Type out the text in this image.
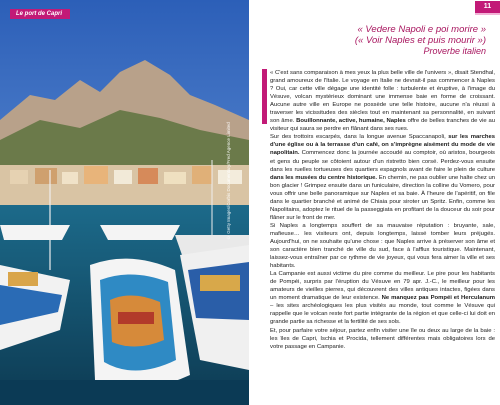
Le port de Capri
© Getty Images/Corbis Documentary/Fred Agence Limited
11
« Vedere Napoli e poi morire »
(« Voir Naples et puis mourir »)
Proverbe italien

« C'est sans comparaison à mes yeux la plus belle ville de l'univers », disait Stendhal, grand amoureux de l'Italie. Le voyage en Italie ne devrait-il pas commencer à Naples ? Oui, car cette ville dégage une identité folle : turbulente et éruptive, à l'image du Vésuve, volcan mystérieux dominant une immense baie en forme de croissant. Aucune autre ville en Europe ne possède une telle histoire, aucune n'a réussi à traverser les vicissitudes des siècles tout en maintenant sa personnalité, en suivant son âme. Bouillonnante, active, humaine, Naples offre de belles tranches de vie au visiteur qui saura se perdre en flânant dans ses rues.

Sur des trottoirs escarpés, dans la longue avenue Spaccanapoli, sur les marches d'une église ou à la terrasse d'un café, on s'imprègne aisément du mode de vie napolitain. Commencez donc la journée accoudé au comptoir, où aristos, bourgeois et gens du peuple se côtoient autour d'un ristretto bien corsé. Perdez-vous ensuite dans les ruelles tortueuses des quartiers espagnols avant de faire le plein de culture dans les musées du centre historique. En chemin, ne pas oublier une halte chez un bon glacier ! Grimpez ensuite dans un funiculaire, direction la colline du Vomero, pour vous offrir une belle panoramique sur Naples et sa baie. À l'heure de l'apéritif, on file dans le quartier branché et animé de Chiaia pour siroter un Spritz. Enfin, comme les Napolitains, adoptez le rituel de la passeggiata en profitant de la douceur du soir pour flâner sur le front de mer.

Si Naples a longtemps souffert de sa mauvaise réputation : bruyante, sale, mafieuse… les visiteurs ont, depuis longtemps, laissé tomber leurs préjugés. Aujourd'hui, on ne souhaite qu'une chose : que Naples arrive à préserver son âme et son caractère bien tranché de ville du sud, face à l'afflux touristique. Maintenant, laissez-vous entraîner par ce rythme de vie joyeux, qui vous fera aimer la ville et ses habitants.

La Campanie est aussi victime du pire comme du meilleur. Le pire pour les habitants de Pompéi, surpris par l'éruption du Vésuve en 79 apr. J.-C., le meilleur pour les amateurs de vieilles pierres, qui découvrent des villes antiques intactes, figées dans un moment dramatique de leur existence. Ne manquez pas Pompéi et Herculanum – les sites archéologiques les plus visités au monde, tout comme le Vésuve qui rappelle que le volcan reste fort partie intégrante de la région et que celle-ci lui doit en grande partie sa richesse et la fertilité de ses sols.

Et, pour parfaire votre séjour, partez enfin visiter une île ou deux au large de la baie : les îles de Capri, Ischia et Procida, tellement différentes mais obligatoires lors de votre passage en Campanie.
